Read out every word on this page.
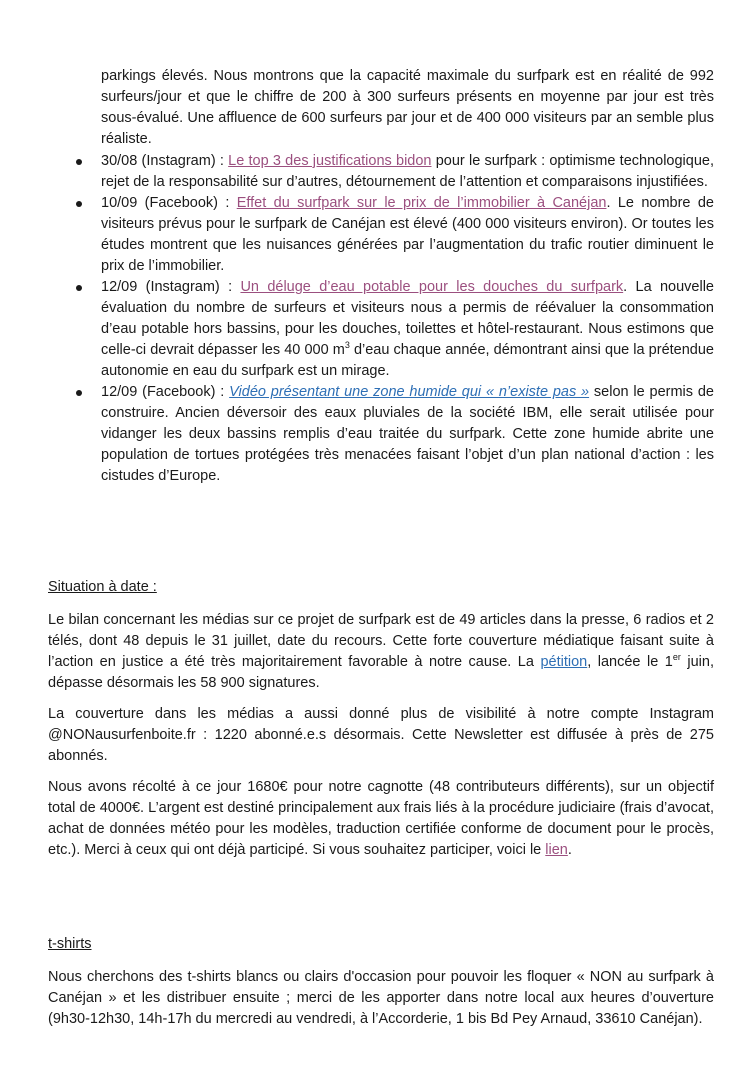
parkings élevés. Nous montrons que la capacité maximale du surfpark est en réalité de 992 surfeurs/jour et que le chiffre de 200 à 300 surfeurs présents en moyenne par jour est très sous-évalué. Une affluence de 600 surfeurs par jour et de 400 000 visiteurs par an semble plus réaliste.

30/08 (Instagram) : Le top 3 des justifications bidon pour le surfpark : optimisme technologique, rejet de la responsabilité sur d’autres, détournement de l’attention et comparaisons injustifiées.
10/09 (Facebook) : Effet du surfpark sur le prix de l’immobilier à Canéjan. Le nombre de visiteurs prévus pour le surfpark de Canéjan est élevé (400 000 visiteurs environ). Or toutes les études montrent que les nuisances générées par l’augmentation du trafic routier diminuent le prix de l’immobilier.
12/09 (Instagram) : Un déluge d’eau potable pour les douches du surfpark. La nouvelle évaluation du nombre de surfeurs et visiteurs nous a permis de réévaluer la consommation d’eau potable hors bassins, pour les douches, toilettes et hôtel-restaurant. Nous estimons que celle-ci devrait dépasser les 40 000 $m^3$ d’eau chaque année, démontrant ainsi que la prétendue autonomie en eau du surfpark est un mirage.
12/09 (Facebook) : Vidéo présentant une zone humide qui « n’existe pas » selon le permis de construire. Ancien déversoir des eaux pluviales de la société IBM, elle serait utilisée pour vidanger les deux bassins remplis d’eau traitée du surfpark. Cette zone humide abrite une population de tortues protégées très menacées faisant l’objet d’un plan national d’action : les cistudes d’Europe.

Situation à date :

Le bilan concernant les médias sur ce projet de surfpark est de 49 articles dans la presse, 6 radios et 2 télés, dont 48 depuis le 31 juillet, date du recours. Cette forte couverture médiatique faisant suite à l’action en justice a été très majoritairement favorable à notre cause. La pétition, lancée le 1er juin, dépasse désormais les 58 900 signatures.

La couverture dans les médias a aussi donné plus de visibilité à notre compte Instagram @NONausurfenboite.fr : 1220 abonné.e.s désormais. Cette Newsletter est diffusée à près de 275 abonnés.

Nous avons récolté à ce jour 1680€ pour notre cagnotte (48 contributeurs différents), sur un objectif total de 4000€. L’argent est destiné principalement aux frais liés à la procédure judiciaire (frais d’avocat, achat de données météo pour les modèles, traduction certifiée conforme de document pour le procès, etc.). Merci à ceux qui ont déjà participé. Si vous souhaitez participer, voici le lien.

t-shirts

Nous cherchons des t-shirts blancs ou clairs d'occasion pour pouvoir les floquer « NON au surfpark à Canéjan » et les distribuer ensuite ; merci de les apporter dans notre local aux heures d’ouverture (9h30-12h30, 14h-17h du mercredi au vendredi, à l’Accorderie, 1 bis Bd Pey Arnaud, 33610 Canéjan).
